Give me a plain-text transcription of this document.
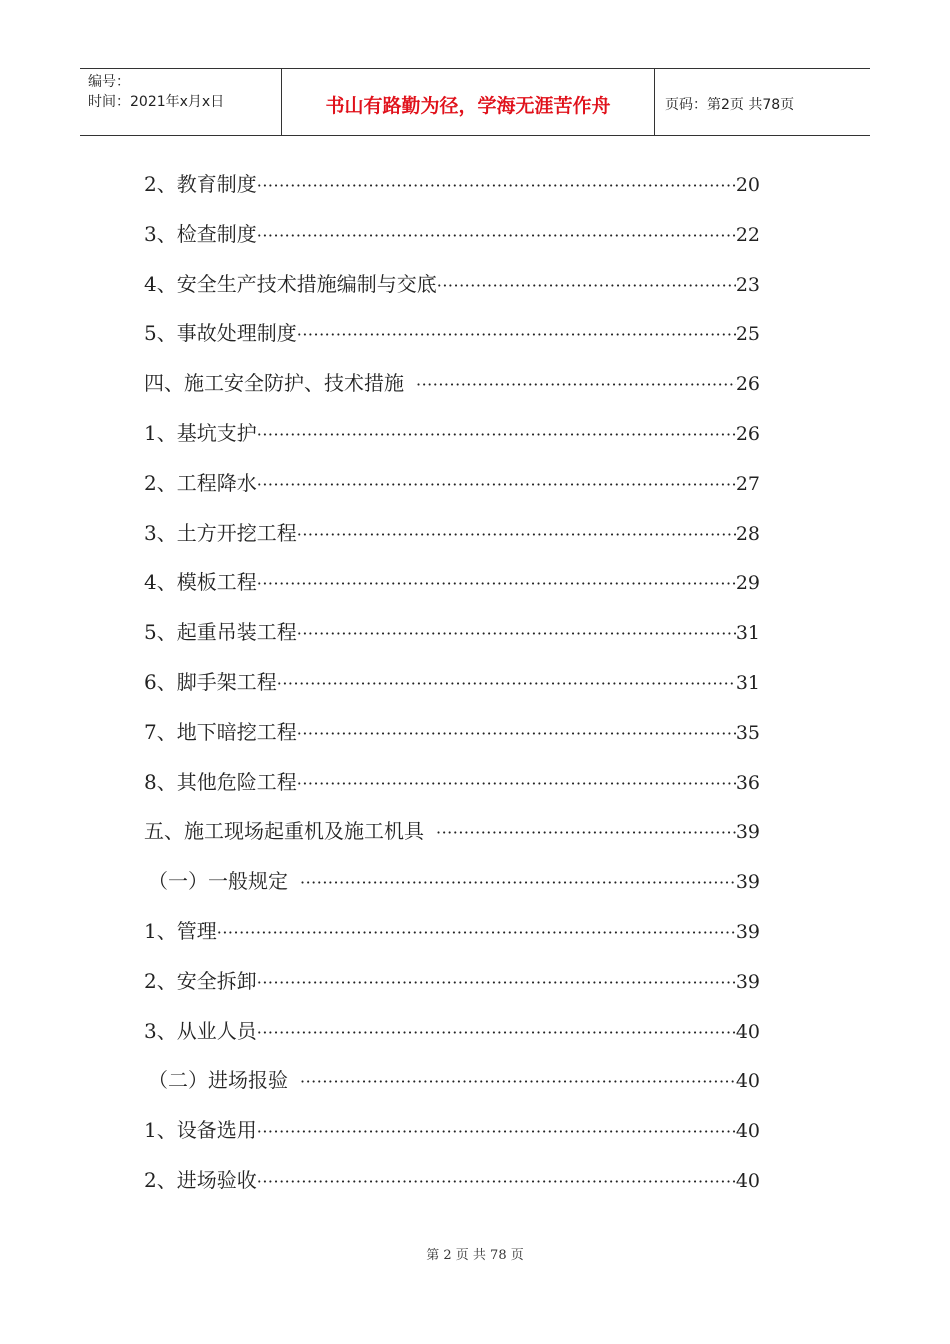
编号：
时间：2021年x月x日	书山有路勤为径，学海无涯苦作舟	页码：第2页 共78页
2、教育制度 ·····	20
3、检查制度 ·····	22
4、安全生产技术措施编制与交底 ·····	23
5、事故处理制度 ·····	25
四、施工安全防护、技术措施 ·····	26
1、基坑支护 ·····	26
2、工程降水 ·····	27
3、土方开挖工程 ·····	28
4、模板工程 ·····	29
5、起重吊装工程 ·····	31
6、脚手架工程 ·····	31
7、地下暗挖工程 ·····	35
8、其他危险工程 ·····	36
五、施工现场起重机及施工机具 ·····	39
（一）一般规定 ·····	39
1、管理 ·····	39
2、安全拆卸 ·····	39
3、从业人员 ·····	40
（二）进场报验 ·····	40
1、设备选用 ·····	40
2、进场验收 ·····	40
第 2 页 共 78 页
